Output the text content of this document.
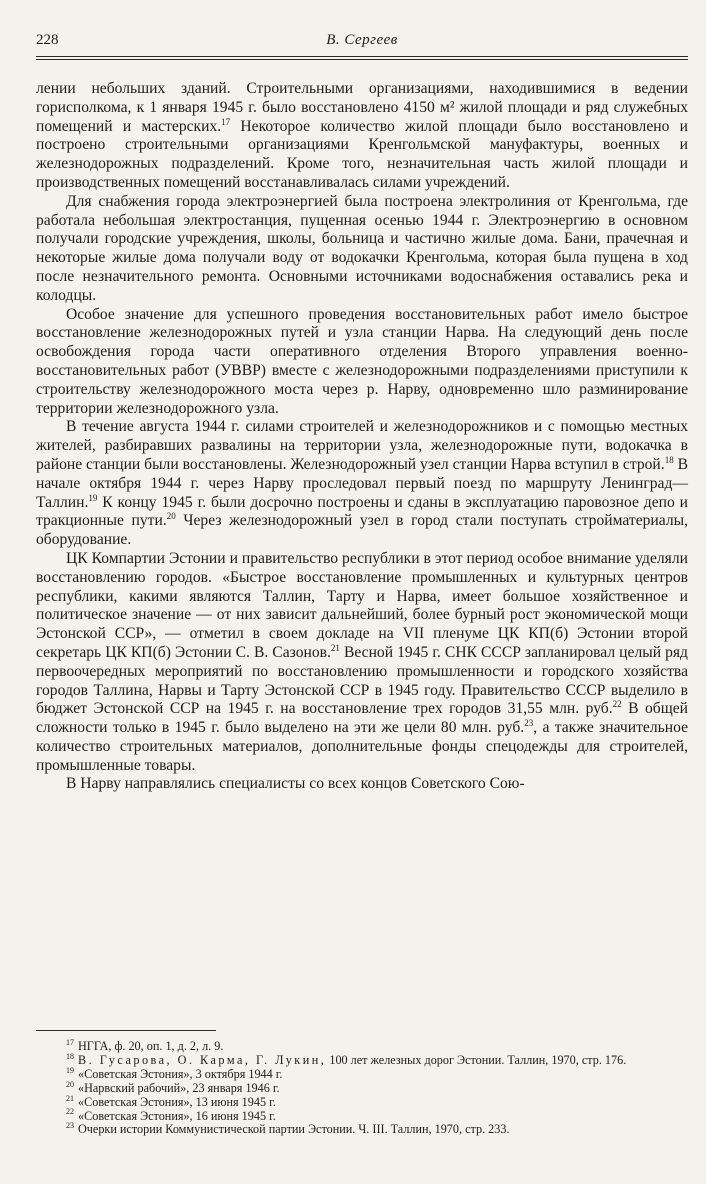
228	В. Сергеев

лении небольших зданий. Строительными организациями, находившимися в ведении горисполкома, к 1 января 1945 г. было восстановлено 4150 м² жилой площади и ряд служебных помещений и мастерских.$^{17}$ Некоторое количество жилой площади было восстановлено и построено строительными организациями Кренгольмской мануфактуры, военных и железнодорожных подразделений. Кроме того, незначительная часть жилой площади и производственных помещений восстанавливалась силами учреждений.

Для снабжения города электроэнергией была построена электролиния от Кренгольма, где работала небольшая электростанция, пущенная осенью 1944 г. Электроэнергию в основном получали городские учреждения, школы, больница и частично жилые дома. Бани, прачечная и некоторые жилые дома получали воду от водокачки Кренгольма, которая была пущена в ход после незначительного ремонта. Основными источниками водоснабжения оставались река и колодцы.

Особое значение для успешного проведения восстановительных работ имело быстрое восстановление железнодорожных путей и узла станции Нарва. На следующий день после освобождения города части оперативного отделения Второго управления военно-восстановительных работ (УВВР) вместе с железнодорожными подразделениями приступили к строительству железнодорожного моста через р. Нарву, одновременно шло разминирование территории железнодорожного узла.

В течение августа 1944 г. силами строителей и железнодорожников и с помощью местных жителей, разбиравших развалины на территории узла, железнодорожные пути, водокачка в районе станции были восстановлены. Железнодорожный узел станции Нарва вступил в строй.$^{18}$ В начале октября 1944 г. через Нарву проследовал первый поезд по маршруту Ленинград—Таллин.$^{19}$ К концу 1945 г. были досрочно построены и сданы в эксплуатацию паровозное депо и тракционные пути.$^{20}$ Через железнодорожный узел в город стали поступать стройматериалы, оборудование.

ЦК Компартии Эстонии и правительство республики в этот период особое внимание уделяли восстановлению городов. «Быстрое восстановление промышленных и культурных центров республики, какими являются Таллин, Тарту и Нарва, имеет большое хозяйственное и политическое значение — от них зависит дальнейший, более бурный рост экономической мощи Эстонской ССР», — отметил в своем докладе на VII пленуме ЦК КП(б) Эстонии второй секретарь ЦК КП(б) Эстонии С. В. Сазонов.$^{21}$ Весной 1945 г. СНК СССР запланировал целый ряд первоочередных мероприятий по восстановлению промышленности и городского хозяйства городов Таллина, Нарвы и Тарту Эстонской ССР в 1945 году. Правительство СССР выделило в бюджет Эстонской ССР на 1945 г. на восстановление трех городов 31,55 млн. руб.$^{22}$ В общей сложности только в 1945 г. было выделено на эти же цели 80 млн. руб.$^{23}$, а также значительное количество строительных материалов, дополнительные фонды спецодежды для строителей, промышленные товары.

В Нарву направлялись специалисты со всех концов Советского Сою-

$^{17}$ НГГА, ф. 20, оп. 1, д. 2, л. 9.

$^{18}$ В. Гусарова, О. Карма, Г. Лукин, 100 лет железных дорог Эстонии. Таллин, 1970, стр. 176.

$^{19}$ «Советская Эстония», 3 октября 1944 г.

$^{20}$ «Нарвский рабочий», 23 января 1946 г.

$^{21}$ «Советская Эстония», 13 июня 1945 г.

$^{22}$ «Советская Эстония», 16 июня 1945 г.

$^{23}$ Очерки истории Коммунистической партии Эстонии. Ч. III. Таллин, 1970, стр. 233.
